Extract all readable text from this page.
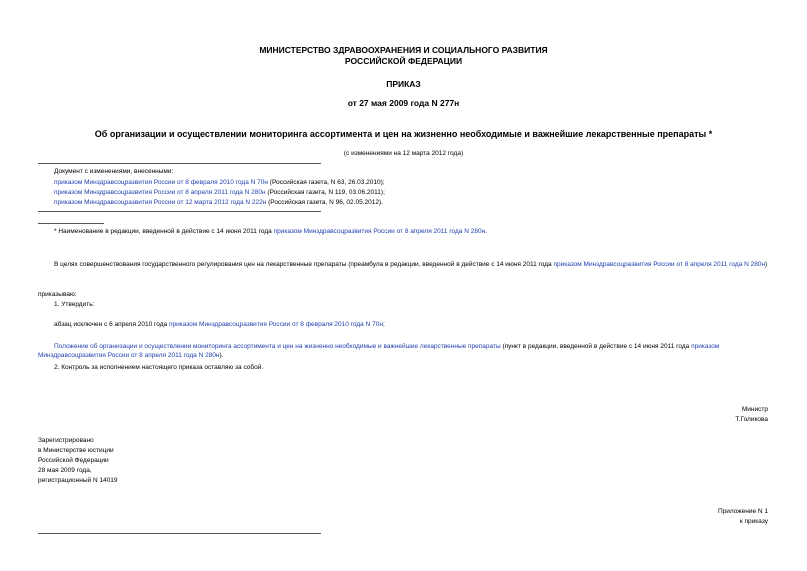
МИНИСТЕРСТВО ЗДРАВООХРАНЕНИЯ И СОЦИАЛЬНОГО РАЗВИТИЯ
РОССИЙСКОЙ ФЕДЕРАЦИИ
ПРИКАЗ
от 27 мая 2009 года N 277н
Об организации и осуществлении мониторинга ассортимента и цен на жизненно необходимые и важнейшие лекарственные препараты *
(с изменениями на 12 марта 2012 года)
Документ с изменениями, внесенными:
приказом Минздравсоцразвития России от 8 февраля 2010 года N 70н (Российская газета, N 63, 26.03.2010);
приказом Минздравсоцразвития России от 8 апреля 2011 года N 280н (Российская газета, N 119, 03.06.2011);
приказом Минздравсоцразвития России от 12 марта 2012 года N 222н (Российская газета, N 96, 02.05.2012).
* Наименование в редакции, введенной в действие с 14 июня 2011 года приказом Минздравсоцразвития России от 8 апреля 2011 года N 280н.
В целях совершенствования государственного регулирования цен на лекарственные препараты (преамбула в редакции, введенной в действие с 14 июня 2011 года приказом Минздравсоцразвития России от 8 апреля 2011 года N 280н)
приказываю:
1. Утвердить:
абзац исключен с 6 апреля 2010 года приказом Минздравсоцразвития России от 8 февраля 2010 года N 70н;
Положение об организации и осуществлении мониторинга ассортимента и цен на жизненно необходимые и важнейшие лекарственные препараты (пункт в редакции, введенной в действие с 14 июня 2011 года приказом Минздравсоцразвития России от 8 апреля 2011 года N 280н).
2. Контроль за исполнением настоящего приказа оставляю за собой.
Министр
Т.Голикова
Зарегистрировано
в Министерстве юстиции
Российской Федерации
28 мая 2009 года,
регистрационный N 14019
Приложение N 1
к приказу
